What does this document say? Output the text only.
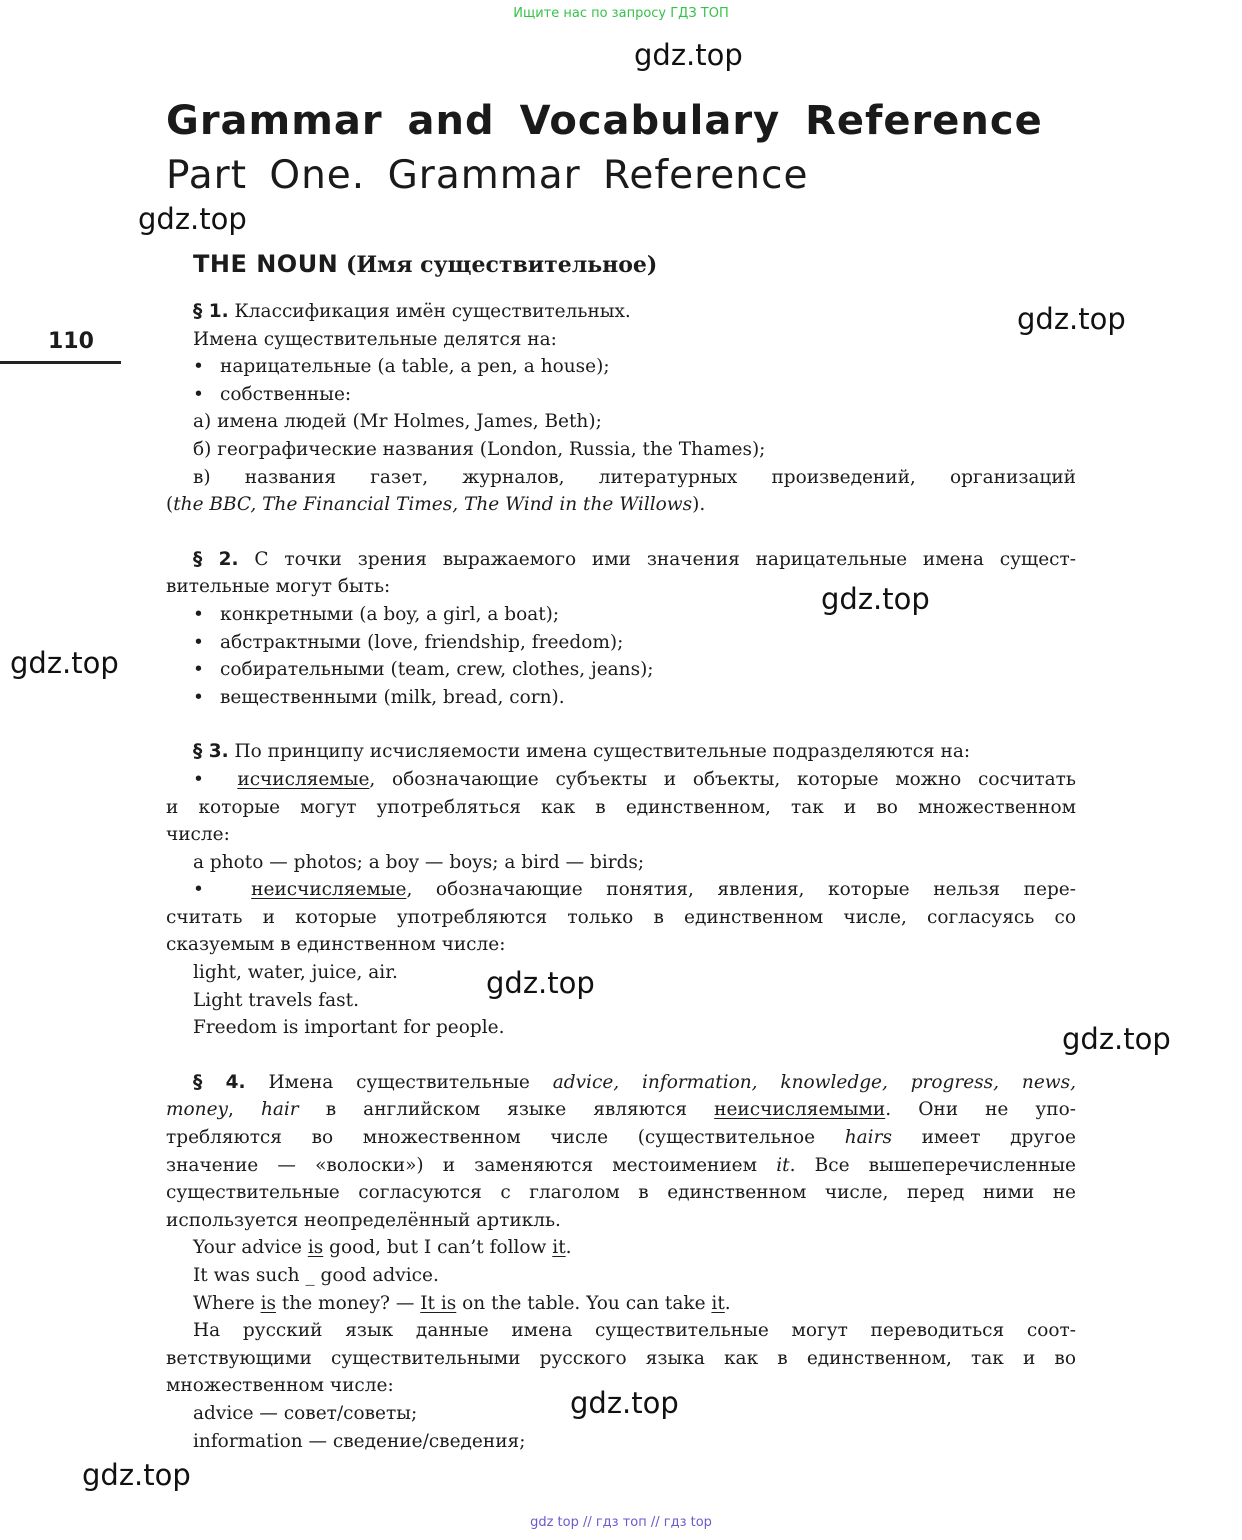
Ищите нас по запросу ГДЗ ТОП
gdz.top
gdz.top
gdz.top
gdz.top
gdz.top
gdz.top
gdz.top
gdz.top
gdz.top
Grammar and Vocabulary Reference
Part One. Grammar Reference
110
THE NOUN (Имя существительное)

§ 1. Классификация имён существительных.

Имена существительные делятся на:

• нарицательные (a table, a pen, a house);

• собственные:

а) имена людей (Mr Holmes, James, Beth);

б) географические названия (London, Russia, the Thames);

в) названия газет, журналов, литературных произведений, организаций

(the BBC, The Financial Times, The Wind in the Willows).

§ 2. С точки зрения выражаемого ими значения нарицательные имена сущест-

вительные могут быть:

• конкретными (a boy, a girl, a boat);

• абстрактными (love, friendship, freedom);

• собирательными (team, crew, clothes, jeans);

• вещественными (milk, bread, corn).

§ 3. По принципу исчисляемости имена существительные подразделяются на:

•  исчисляемые, обозначающие субъекты и объекты, которые можно сосчитать

и которые могут употребляться как в единственном, так и во множественном

числе:

a photo — photos; a boy — boys; a bird — birds;

•  неисчисляемые, обозначающие понятия, явления, которые нельзя пере-

считать и которые употребляются только в единственном числе, согласуясь со

сказуемым в единственном числе:

light, water, juice, air.

Light travels fast.

Freedom is important for people.

§ 4. Имена существительные advice, information, knowledge, progress, news,

money, hair в английском языке являются неисчисляемыми. Они не упо-

требляются во множественном числе (существительное hairs имеет другое

значение — «волоски») и заменяются местоимением it. Все вышеперечисленные

существительные согласуются с глаголом в единственном числе, перед ними не

используется неопределённый артикль.

Your advice is good, but I can’t follow it.

It was such _ good advice.

Where is the money? — It is on the table. You can take it.

На русский язык данные имена существительные могут переводиться соот-

ветствующими существительными русского языка как в единственном, так и во

множественном числе:

advice — совет/советы;

information — сведение/сведения;

gdz top // гдз топ // гдз top
